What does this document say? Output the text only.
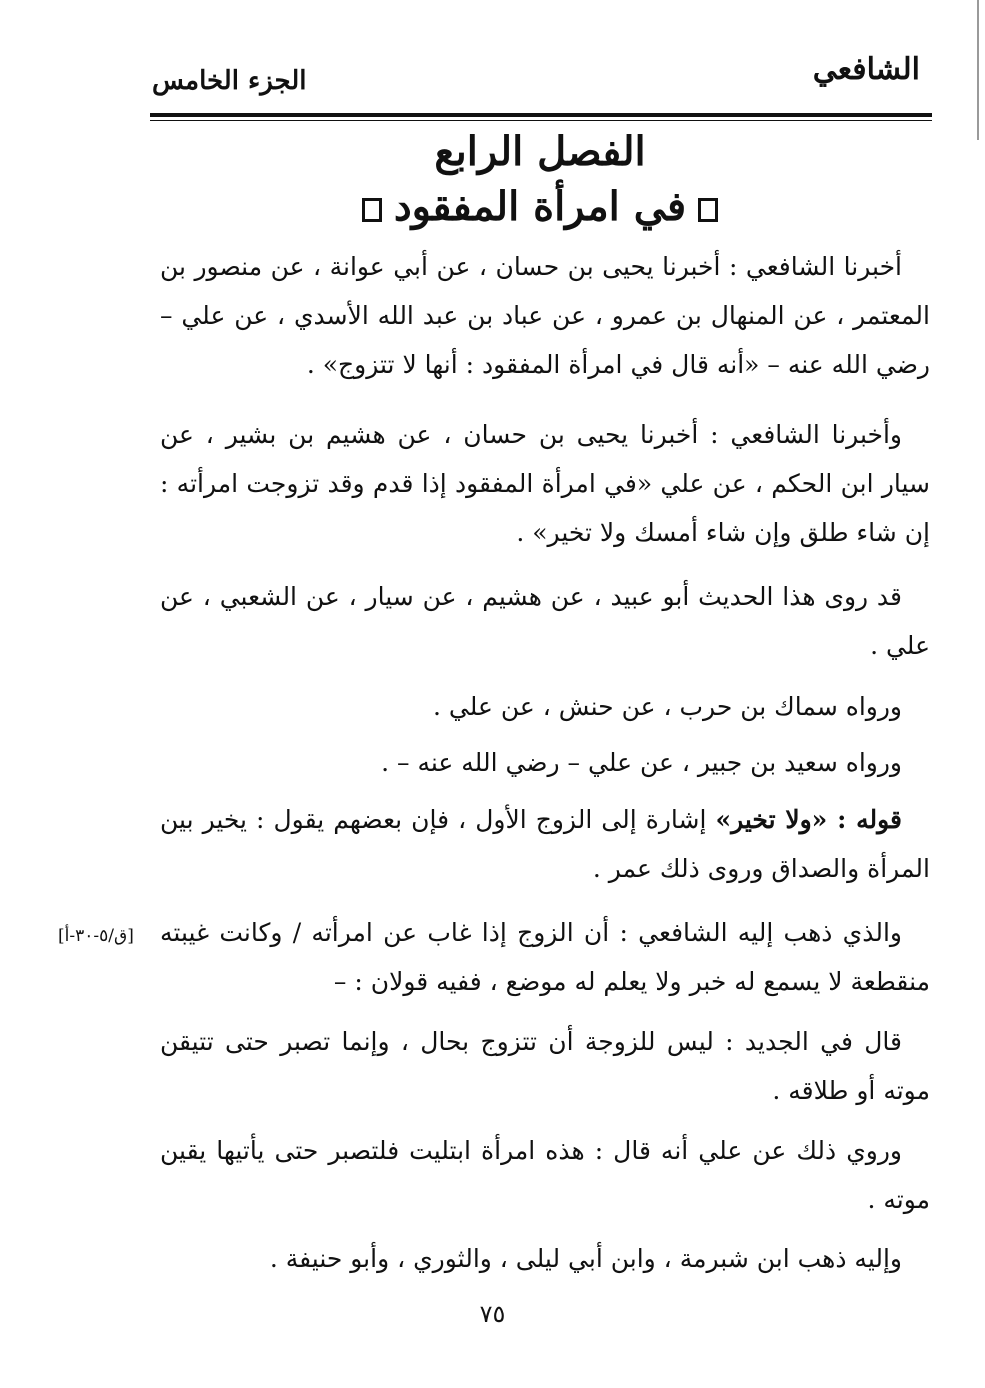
الشافعي
الجزء الخامس
الفصل الرابع
في امرأة المفقود

أخبرنا الشافعي : أخبرنا يحيى بن حسان ، عن أبي عوانة ، عن منصور بن المعتمر ، عن المنهال بن عمرو ، عن عباد بن عبد الله الأسدي ، عن علي – رضي الله عنه – «أنه قال في امرأة المفقود : أنها لا تتزوج» .

وأخبرنا الشافعي : أخبرنا يحيى بن حسان ، عن هشيم بن بشير ، عن سيار ابن الحكم ، عن علي «في امرأة المفقود إذا قدم وقد تزوجت امرأته : إن شاء طلق وإن شاء أمسك ولا تخير» .

قد روى هذا الحديث أبو عبيد ، عن هشيم ، عن سيار ، عن الشعبي ، عن علي .

ورواه سماك بن حرب ، عن حنش ، عن علي .

ورواه سعيد بن جبير ، عن علي – رضي الله عنه – .

قوله : «ولا تخير» إشارة إلى الزوج الأول ، فإن بعضهم يقول : يخير بين المرأة والصداق وروى ذلك عمر .

والذي ذهب إليه الشافعي : أن الزوج إذا غاب عن امرأته / وكانت غيبته منقطعة لا يسمع له خبر ولا يعلم له موضع ، ففيه قولان : –

[ق/٥-٣٠-أ]

قال في الجديد : ليس للزوجة أن تتزوج بحال ، وإنما تصبر حتى تتيقن موته أو طلاقه .

وروي ذلك عن علي أنه قال : هذه امرأة ابتليت فلتصبر حتى يأتيها يقين موته .

وإليه ذهب ابن شبرمة ، وابن أبي ليلى ، والثوري ، وأبو حنيفة .

٧٥
